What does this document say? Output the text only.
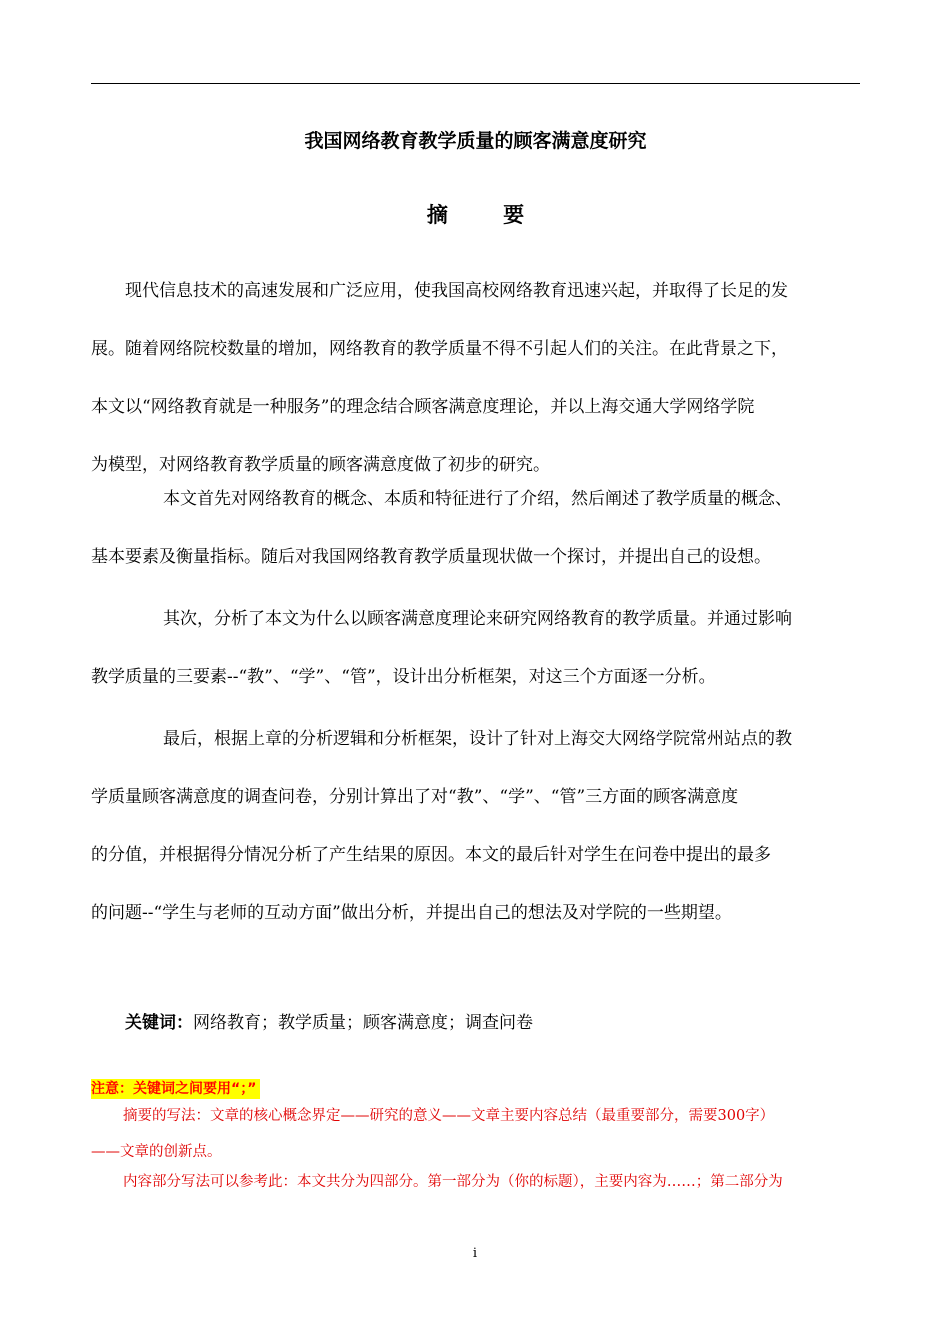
我国网络教育教学质量的顾客满意度研究
摘 要
现代信息技术的高速发展和广泛应用，使我国高校网络教育迅速兴起，并取得了长足的发
展。随着网络院校数量的增加，网络教育的教学质量不得不引起人们的关注。在此背景之下，
本文以“网络教育就是一种服务”的理念结合顾客满意度理论，并以上海交通大学网络学院
为模型，对网络教育教学质量的顾客满意度做了初步的研究。
本文首先对网络教育的概念、本质和特征进行了介绍，然后阐述了教学质量的概念、
基本要素及衡量指标。随后对我国网络教育教学质量现状做一个探讨，并提出自己的设想。
其次，分析了本文为什么以顾客满意度理论来研究网络教育的教学质量。并通过影响
教学质量的三要素--“教”、“学”、“管”，设计出分析框架，对这三个方面逐一分析。
最后，根据上章的分析逻辑和分析框架，设计了针对上海交大网络学院常州站点的教
学质量顾客满意度的调查问卷，分别计算出了对“教”、“学”、“管”三方面的顾客满意度
的分值，并根据得分情况分析了产生结果的原因。本文的最后针对学生在问卷中提出的最多
的问题--“学生与老师的互动方面”做出分析，并提出自己的想法及对学院的一些期望。
关键词：网络教育；教学质量；顾客满意度；调查问卷
注意：关键词之间要用“；”
摘要的写法：文章的核心概念界定——研究的意义——文章主要内容总结（最重要部分，需要300字）
——文章的创新点。
内容部分写法可以参考此：本文共分为四部分。第一部分为（你的标题），主要内容为……；第二部分为
i
